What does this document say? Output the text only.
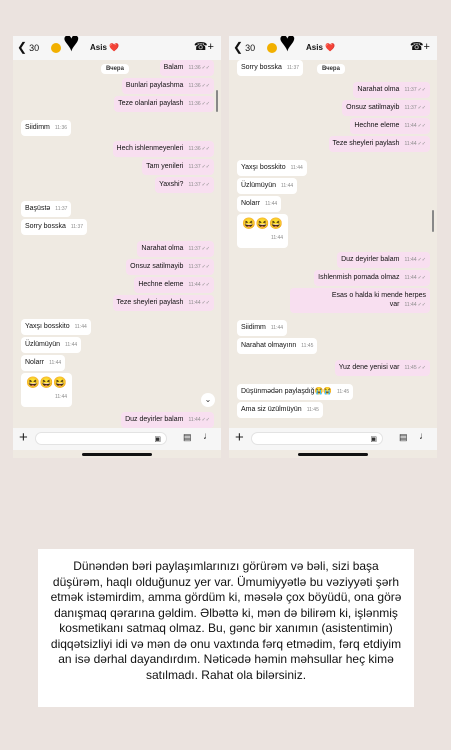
❮ 30 ♥ Asis ❤️	☎+
Вчера	Balam 11:36✓✓
Bunlari paylashma 11:36✓✓
Teze olanlari paylash 11:36✓✓
Siidimm 11:36
Hech ishlenmeyenleri 11:36✓✓
Tam yenileri 11:37✓✓
Yaxshi? 11:37✓✓
Başüstə 11:37
Sorry bosska 11:37
Narahat olma 11:37✓✓
Onsuz satilmayib 11:37✓✓
Hechne eleme 11:44✓✓
Teze sheyleri paylash 11:44✓✓
Yaxşı bosskito 11:44
Üzlümüyün 11:44
Nolarr 11:44
😆😆😆
11:44
Duz deyirler balam 11:44✓✓
⌄
+	▣ ▤ ♩
❮ 30 ♥ Asis ❤️	☎+
Sorry bosska 11:37	Вчера
Narahat olma 11:37✓✓
Onsuz satilmayib 11:37✓✓
Hechne eleme 11:44✓✓
Teze sheyleri paylash 11:44✓✓
Yaxşı bosskito 11:44
Üzlümüyün 11:44
Nolarr 11:44
😆😆😆
11:44
Duz deyirler balam 11:44✓✓
Ishlenmish pomada olmaz 11:44✓✓
Esas o halda ki mende herpes var 11:44✓✓
Siidimm 11:44
Narahat olmayınn 11:45
Yuz dene yenisi var 11:45✓✓
Düşünmədən paylaşdığ😭😭 11:45
Ama siz üzülmüyün 11:45
+	▣ ▤ ♩
Dünəndən bəri paylaşımlarınızı görürəm və bəli, sizi başa düşürəm, haqlı olduğunuz yer var. Ümumiyyətlə bu vəziyyəti şərh etmək istəmirdim, amma gördüm ki, məsələ çox böyüdü, ona görə danışmaq qərarına gəldim. Əlbəttə ki, mən də bilirəm ki, işlənmiş kosmetikanı satmaq olmaz. Bu, gənc bir xanımın (asistentimin) diqqətsizliyi idi və mən də onu vaxtında fərq etmədim, fərq etdiyim an isə dərhal dayandırdım. Nəticədə həmin məhsullar heç kimə satılmadı. Rahat ola bilərsiniz.
